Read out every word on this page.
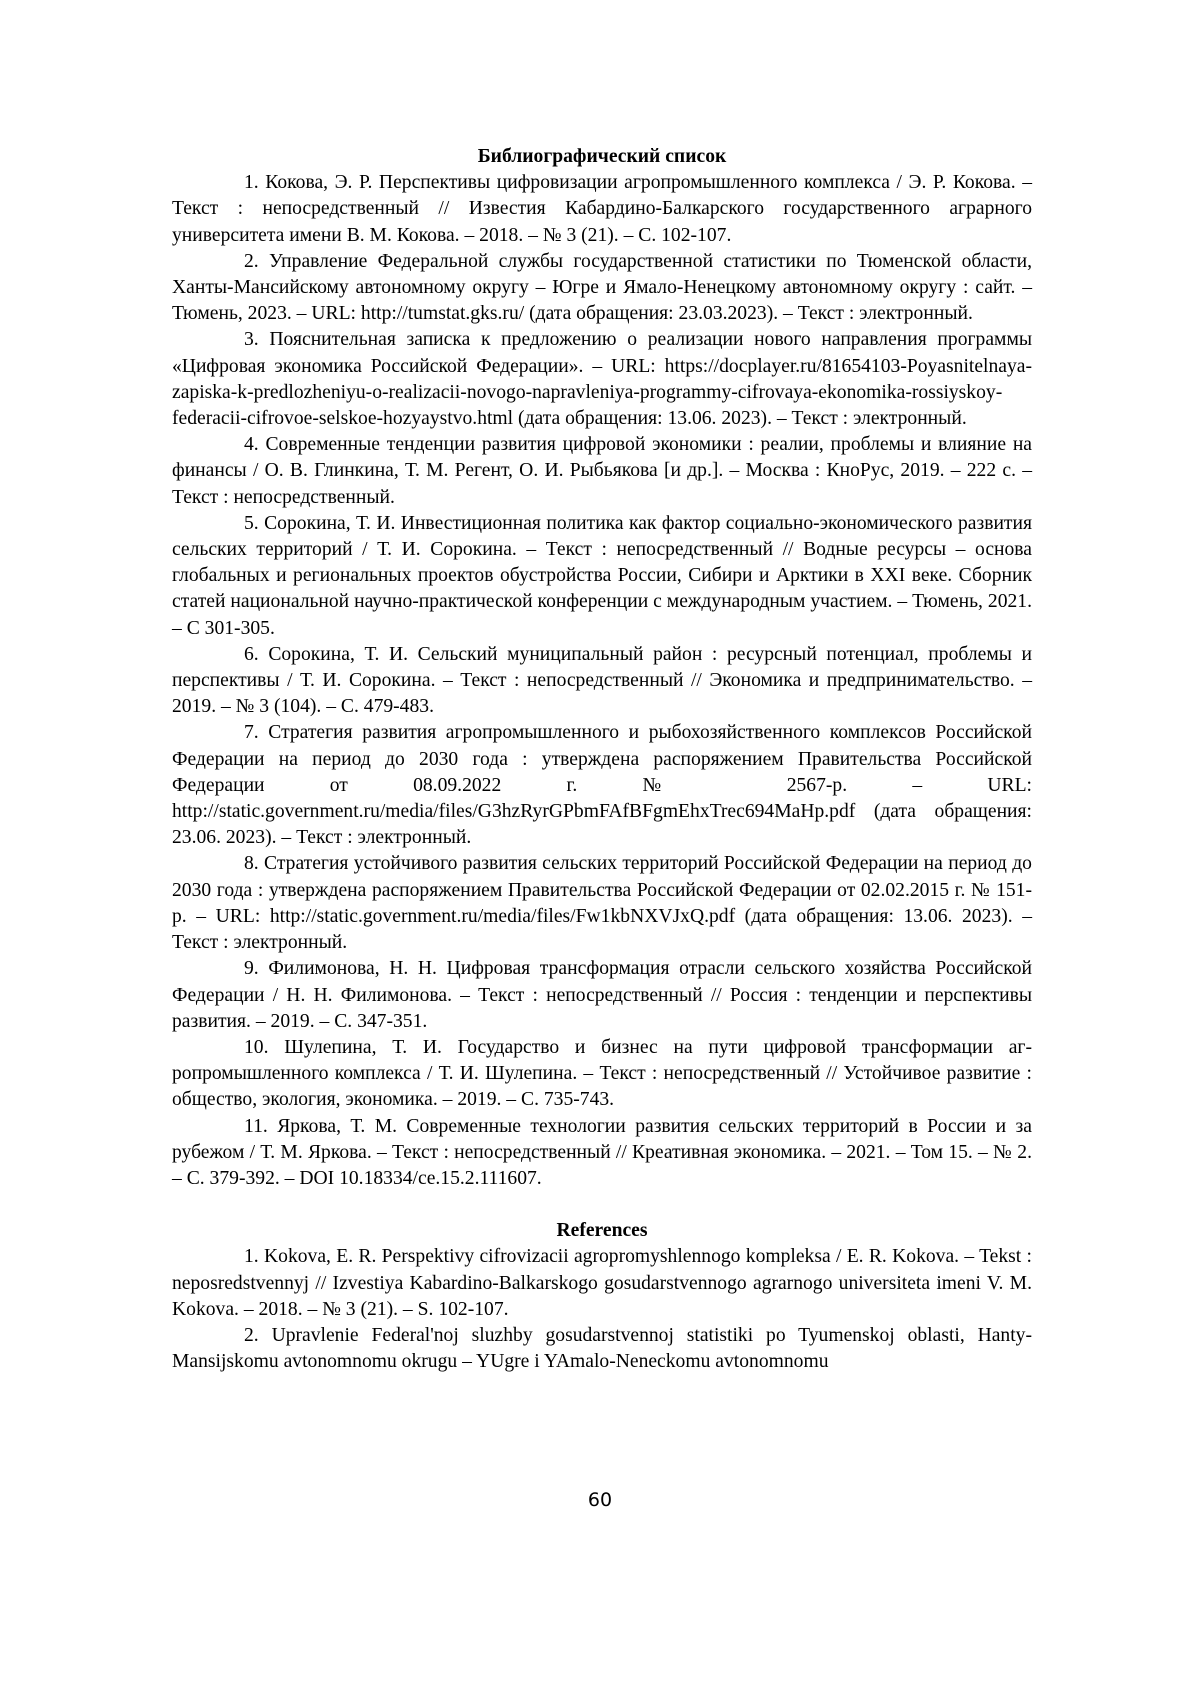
Библиографический список

1. Кокова, Э. Р. Перспективы цифровизации агропромышленного комплекса / Э. Р. Кокова. – Текст : непосредственный // Известия Кабардино-Балкарского государственного аграрного университета имени В. М. Кокова. – 2018. – № 3 (21). – С. 102-107.

2. Управление Федеральной службы государственной статистики по Тюменской области, Ханты-Мансийскому автономному округу – Югре и Ямало-Ненецкому автономному округу : сайт. – Тюмень, 2023. – URL: http://tumstat.gks.ru/ (дата обращения: 23.03.2023). – Текст : электронный.

3. Пояснительная записка к предложению о реализации нового направления программы «Цифровая экономика Российской Федерации». – URL: https://docplayer.ru/81654103-Poyasnitelnaya-zapiska-k-predlozheniyu-o-realizacii-novogo-napravleniya-programmy-cifrovaya-ekonomika-rossiyskoy-federacii-cifrovoe-selskoe-hozyaystvo.html (дата обращения: 13.06. 2023). – Текст : электронный.

4. Современные тенденции развития цифровой экономики : реалии, проблемы и влияние на финансы / О. В. Глинкина, Т. М. Регент, О. И. Рыбьякова [и др.]. – Москва : КноРус, 2019. – 222 с. – Текст : непосредственный.

5. Сорокина, Т. И. Инвестиционная политика как фактор социально-экономического развития сельских территорий / Т. И. Сорокина. – Текст : непосредственный // Водные ресурсы – основа глобальных и региональных проектов обустройства России, Сибири и Арктики в XXI веке. Сборник статей национальной научно-практической конференции с международным участием. – Тюмень, 2021. – С 301-305.

6. Сорокина, Т. И. Сельский муниципальный район : ресурсный потенциал, проблемы и перспективы / Т. И. Сорокина. – Текст : непосредственный // Экономика и предпринимательство. – 2019. – № 3 (104). – С. 479-483.

7. Стратегия развития агропромышленного и рыбохозяйственного комплексов Российской Федерации на период до 2030 года : утверждена распоряжением Правительства Российской Федерации от 08.09.2022 г. № 2567-р. – URL: http://static.government.ru/media/files/G3hzRyrGPbmFAfBFgmEhxTrec694MaHp.pdf (дата обращения: 23.06. 2023). – Текст : электронный.

8. Стратегия устойчивого развития сельских территорий Российской Федерации на период до 2030 года : утверждена распоряжением Правительства Российской Федерации от 02.02.2015 г. № 151-р. – URL: http://static.government.ru/media/files/Fw1kbNXVJxQ.pdf (дата обращения: 13.06. 2023). – Текст : электронный.

9. Филимонова, Н. Н. Цифровая трансформация отрасли сельского хозяйства Российской Федерации / Н. Н. Филимонова. – Текст : непосредственный // Россия : тенденции и перспективы развития. – 2019. – С. 347-351.

10. Шулепина, Т. И. Государство и бизнес на пути цифровой трансформации агропромышленного комплекса / Т. И. Шулепина. – Текст : непосредственный // Устойчивое развитие : общество, экология, экономика. – 2019. – С. 735-743.

11. Яркова, Т. М. Современные технологии развития сельских территорий в России и за рубежом / Т. М. Яркова. – Текст : непосредственный // Креативная экономика. – 2021. – Том 15. – № 2. – С. 379-392. – DOI 10.18334/ce.15.2.111607.

References

1. Kokova, E. R. Perspektivy cifrovizacii agropromyshlennogo kompleksa / E. R. Kokova. – Tekst : neposredstvennyj // Izvestiya Kabardino-Balkarskogo gosudarstvennogo agrarnogo universiteta imeni V. M. Kokova. – 2018. – № 3 (21). – S. 102-107.

2. Upravlenie Federal'noj sluzhby gosudarstvennoj statistiki po Tyumenskoj oblasti, Hanty-Mansijskomu avtonomnomu okrugu – YUgre i YAmalo-Neneckomu avtonomnomu

60
